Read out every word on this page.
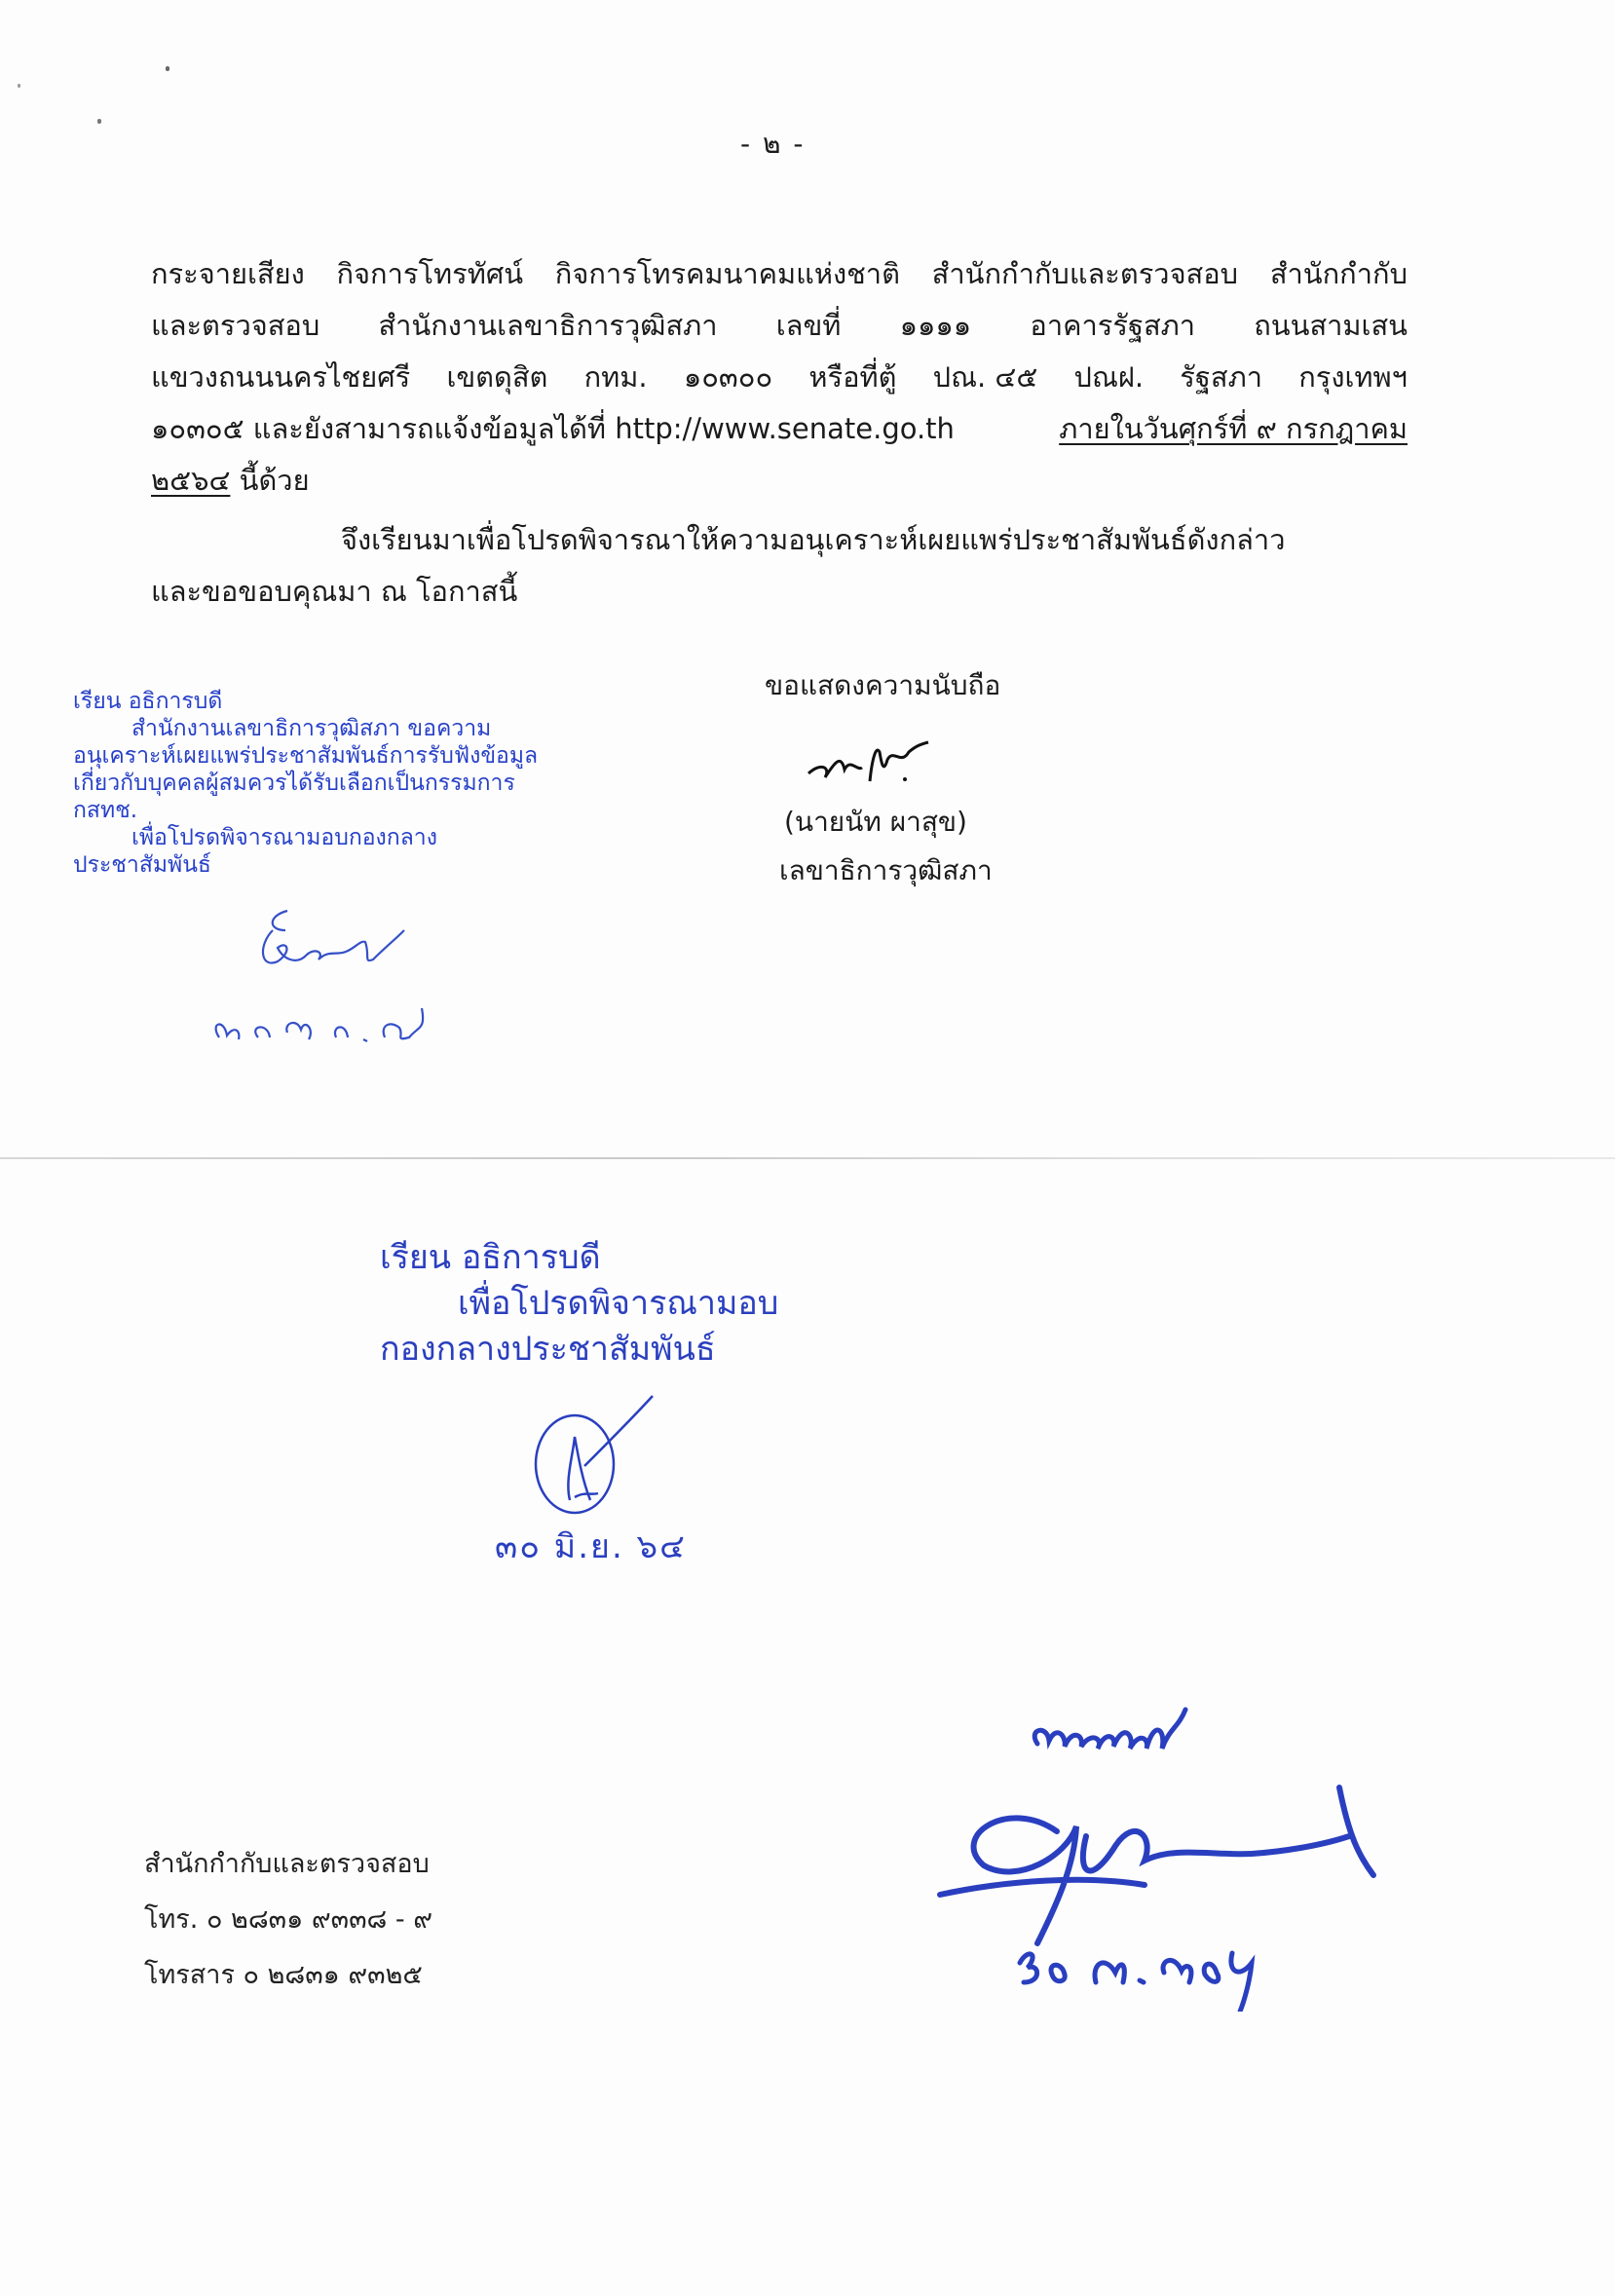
- ๒ -
กระจายเสียง กิจการโทรทัศน์ กิจการโทรคมนาคมแห่งชาติ สำนักกำกับและตรวจสอบ สำนักกำกับ
และตรวจสอบ สำนักงานเลขาธิการวุฒิสภา เลขที่ ๑๑๑๑ อาคารรัฐสภา ถนนสามเสน
แขวงถนนนครไชยศรี เขตดุสิต กทม. ๑๐๓๐๐ หรือที่ตู้ ปณ. ๔๕ ปณฝ. รัฐสภา กรุงเทพฯ
๑๐๓๐๕ และยังสามารถแจ้งข้อมูลได้ที่ http://www.senate.go.th	ภายในวันศุกร์ที่ ๙ กรกฎาคม
๒๕๖๔ นี้ด้วย
จึงเรียนมาเพื่อโปรดพิจารณาให้ความอนุเคราะห์เผยแพร่ประชาสัมพันธ์ดังกล่าว
และขอขอบคุณมา ณ โอกาสนี้
ขอแสดงความนับถือ
(นายนัท ผาสุข)
เลขาธิการวุฒิสภา
เรียน อธิการบดี
สำนักงานเลขาธิการวุฒิสภา ขอความ
อนุเคราะห์เผยแพร่ประชาสัมพันธ์การรับฟังข้อมูล
เกี่ยวกับบุคคลผู้สมควรได้รับเลือกเป็นกรรมการ
กสทช.
เพื่อโปรดพิจารณามอบกองกลาง
ประชาสัมพันธ์
เรียน อธิการบดี
เพื่อโปรดพิจารณามอบ
กองกลางประชาสัมพันธ์
๓๐ มิ.ย. ๖๔
สำนักกำกับและตรวจสอบ
โทร. ๐ ๒๘๓๑ ๙๓๓๘ - ๙
โทรสาร ๐ ๒๘๓๑ ๙๓๒๕
